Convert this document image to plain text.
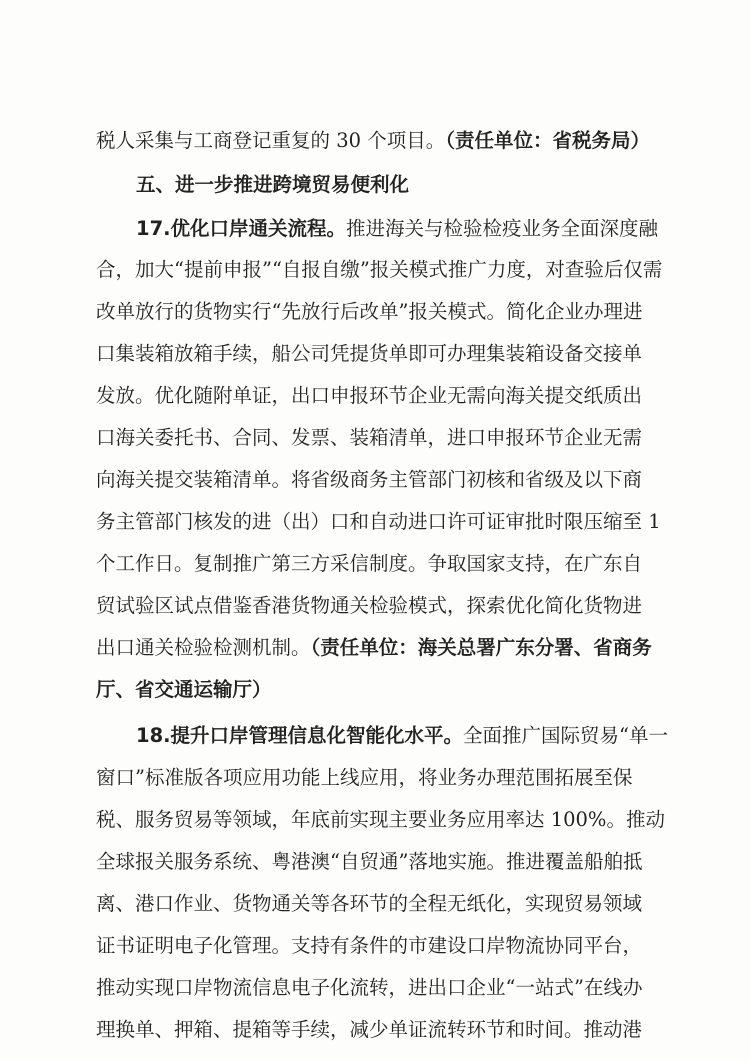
税人采集与工商登记重复的 30 个项目。（责任单位：省税务局）
五、进一步推进跨境贸易便利化
17.优化口岸通关流程。推进海关与检验检疫业务全面深度融
合，加大“提前申报”“自报自缴”报关模式推广力度，对查验后仅需
改单放行的货物实行“先放行后改单”报关模式。简化企业办理进
口集装箱放箱手续，船公司凭提货单即可办理集装箱设备交接单
发放。优化随附单证，出口申报环节企业无需向海关提交纸质出
口海关委托书、合同、发票、装箱清单，进口申报环节企业无需
向海关提交装箱清单。将省级商务主管部门初核和省级及以下商
务主管部门核发的进（出）口和自动进口许可证审批时限压缩至 1
个工作日。复制推广第三方采信制度。争取国家支持，在广东自
贸试验区试点借鉴香港货物通关检验模式，探索优化简化货物进
出口通关检验检测机制。（责任单位：海关总署广东分署、省商务
厅、省交通运输厅）
18.提升口岸管理信息化智能化水平。全面推广国际贸易“单一
窗口”标准版各项应用功能上线应用，将业务办理范围拓展至保
税、服务贸易等领域，年底前实现主要业务应用率达 100%。推动
全球报关服务系统、粤港澳“自贸通”落地实施。推进覆盖船舶抵
离、港口作业、货物通关等各环节的全程无纸化，实现贸易领域
证书证明电子化管理。支持有条件的市建设口岸物流协同平台，
推动实现口岸物流信息电子化流转，进出口企业“一站式”在线办
理换单、押箱、提箱等手续，减少单证流转环节和时间。推动港
